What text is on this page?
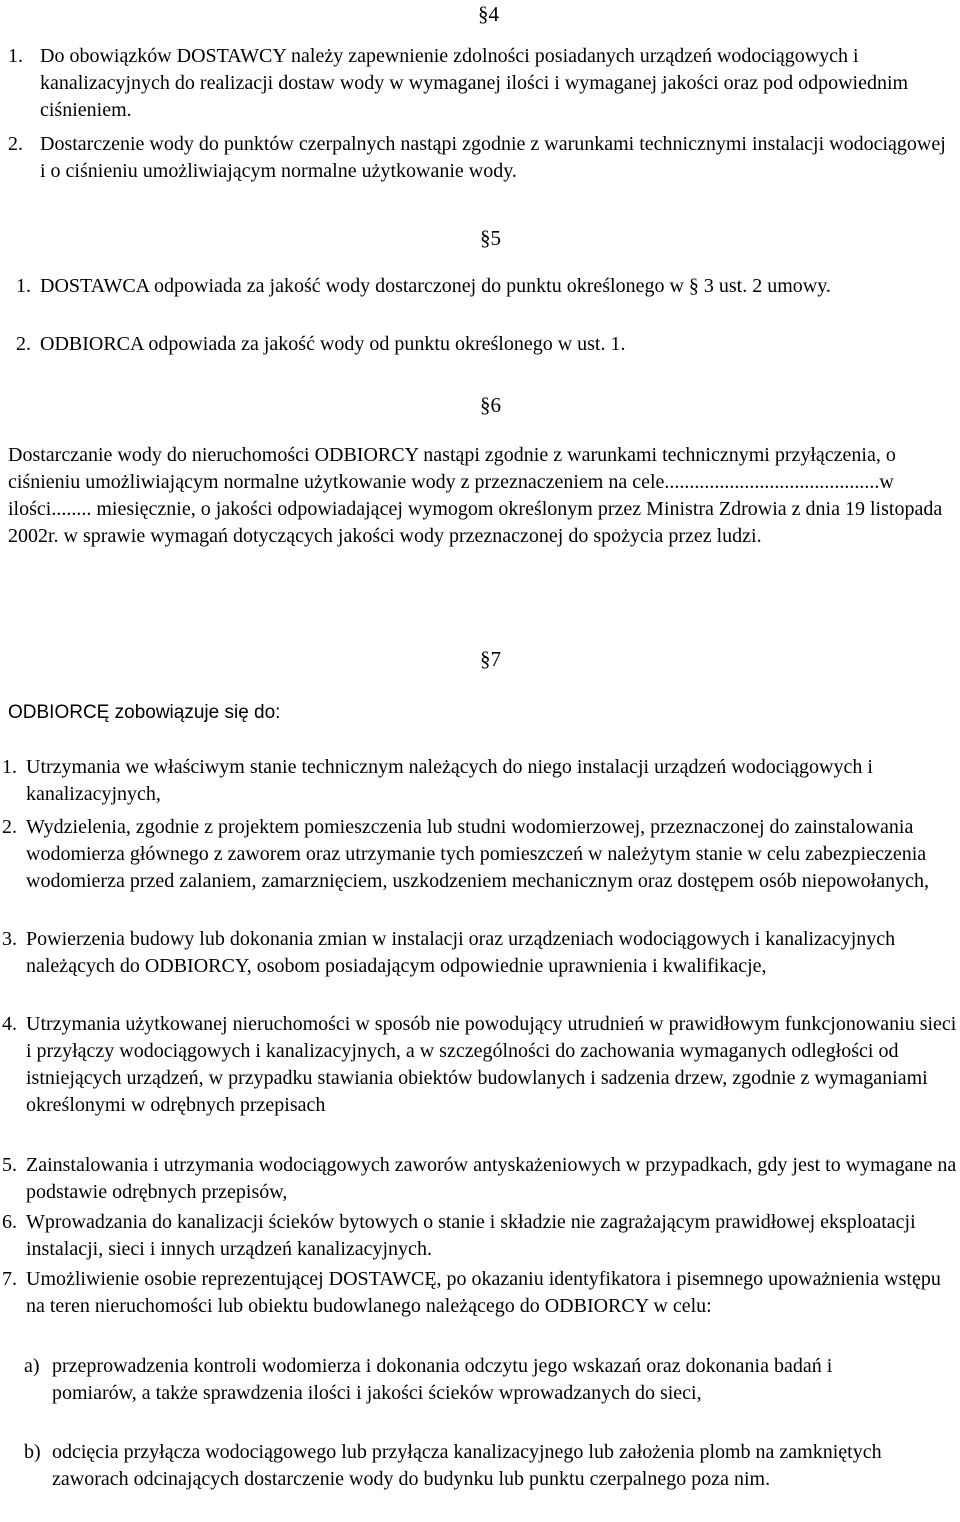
§4
1. Do obowiązków DOSTAWCY należy zapewnienie zdolności posiadanych urządzeń wodociągowych i kanalizacyjnych do realizacji dostaw wody w wymaganej ilości i wymaganej jakości oraz pod odpowiednim ciśnieniem.
2. Dostarczenie wody do punktów czerpalnych nastąpi zgodnie z warunkami technicznymi instalacji wodociągowej i o ciśnieniu umożliwiającym normalne użytkowanie wody.
§5
1. DOSTAWCA odpowiada za jakość wody dostarczonej do punktu określonego w § 3 ust. 2 umowy.
2. ODBIORCA odpowiada za jakość wody od punktu określonego w ust. 1.
§6
Dostarczanie wody do nieruchomości ODBIORCY nastąpi zgodnie z warunkami technicznymi przyłączenia, o ciśnieniu umożliwiającym normalne użytkowanie wody z przeznaczeniem na cele...........................................w ilości........ miesięcznie, o jakości odpowiadającej wymogom określonym przez Ministra Zdrowia z dnia 19 listopada 2002r. w sprawie wymagań dotyczących jakości wody przeznaczonej do spożycia przez ludzi.
§7
ODBIORCĘ zobowiązuje się do:
1. Utrzymania we właściwym stanie technicznym należących do niego instalacji urządzeń wodociągowych i kanalizacyjnych,
2. Wydzielenia, zgodnie z projektem pomieszczenia lub studni wodomierzowej, przeznaczonej do zainstalowania wodomierza głównego z zaworem oraz utrzymanie tych pomieszczeń w należytym stanie w celu zabezpieczenia wodomierza przed zalaniem, zamarznięciem, uszkodzeniem mechanicznym oraz dostępem osób niepowołanych,
3. Powierzenia budowy lub dokonania zmian w instalacji oraz urządzeniach wodociągowych i kanalizacyjnych należących do ODBIORCY, osobom posiadającym odpowiednie uprawnienia i kwalifikacje,
4. Utrzymania użytkowanej nieruchomości w sposób nie powodujący utrudnień w prawidłowym funkcjonowaniu sieci i przyłączy wodociągowych i kanalizacyjnych, a w szczególności do zachowania wymaganych odległości od istniejących urządzeń, w przypadku stawiania obiektów budowlanych i sadzenia drzew, zgodnie z wymaganiami określonymi w odrębnych przepisach
5. Zainstalowania i utrzymania wodociągowych zaworów antyskażeniowych w przypadkach, gdy jest to wymagane na podstawie odrębnych przepisów,
6. Wprowadzania do kanalizacji ścieków bytowych o stanie i składzie nie zagrażającym prawidłowej eksploatacji instalacji, sieci i innych urządzeń kanalizacyjnych.
7. Umożliwienie osobie reprezentującej DOSTAWCĘ, po okazaniu identyfikatora i pisemnego upoważnienia wstępu na teren nieruchomości lub obiektu budowlanego należącego do ODBIORCY w celu:
a) przeprowadzenia kontroli wodomierza i dokonania odczytu jego wskazań oraz dokonania badań i pomiarów, a także sprawdzenia ilości i jakości ścieków wprowadzanych do sieci,
b) odcięcia przyłącza wodociągowego lub przyłącza kanalizacyjnego lub założenia plomb na zamkniętych zaworach odcinających dostarczenie wody do budynku lub punktu czerpalnego poza nim.
